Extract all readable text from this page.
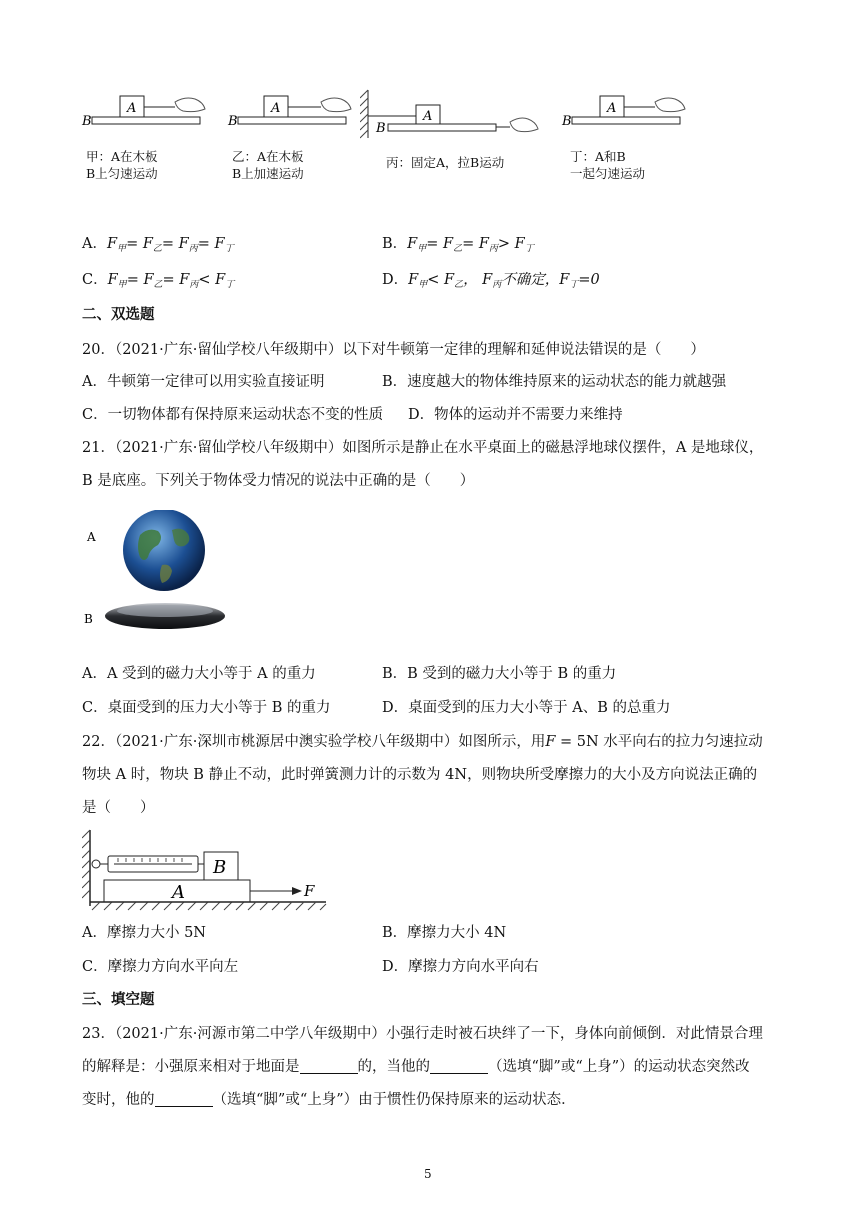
B
A
甲：A在木板
B上匀速运动
B
A
乙：A在木板
B上加速运动
B
A
丙：固定A，拉B运动
B
A
丁：A和B
一起匀速运动
A．$F_甲= F_乙= F_丙= F_丁$	B．$F_甲= F_乙= F_丙> F_丁$
C．$F_甲= F_乙= F_丙< F_丁$	D．$F_甲< F_乙$， $F_丙$不确定，$F_丁=0$
二、双选题
20．（2021·广东·留仙学校八年级期中）以下对牛顿第一定律的理解和延伸说法错误的是（　　）
A．牛顿第一定律可以用实验直接证明	B．速度越大的物体维持原来的运动状态的能力就越强
C．一切物体都有保持原来运动状态不变的性质 D．物体的运动并不需要力来维持
21．（2021·广东·留仙学校八年级期中）如图所示是静止在水平桌面上的磁悬浮地球仪摆件，A 是地球仪，
B 是底座。下列关于物体受力情况的说法中正确的是（　　）
A
B
A．A 受到的磁力大小等于 A 的重力	B．B 受到的磁力大小等于 B 的重力
C．桌面受到的压力大小等于 B 的重力	D．桌面受到的压力大小等于 A、B 的总重力
22．（2021·广东·深圳市桃源居中澳实验学校八年级期中）如图所示，用F = 5N 水平向右的拉力匀速拉动
物块 A 时，物块 B 静止不动，此时弹簧测力计的示数为 4N，则物块所受摩擦力的大小及方向说法正确的
是（　　）
B
A	F
A．摩擦力大小 5N	B．摩擦力大小 4N
C．摩擦力方向水平向左	D．摩擦力方向水平向右
三、填空题
23．（2021·广东·河源市第二中学八年级期中）小强行走时被石块绊了一下，身体向前倾倒．对此情景合理
的解释是：小强原来相对于地面是	的，当他的	（选填“脚”或“上身”）的运动状态突然改
变时，他的	（选填“脚”或“上身”）由于惯性仍保持原来的运动状态．
5
